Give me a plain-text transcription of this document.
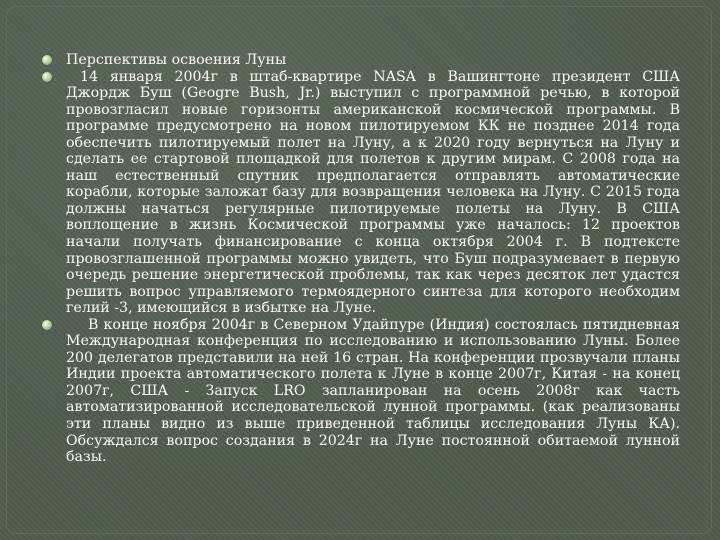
Перспективы освоения Луны
14 января 2004г в штаб-квартире NASA в Вашингтоне президент США Джордж Буш (Geogre Bush, Jr.) выступил с программной речью, в которой провозгласил новые горизонты американской космической программы. В программе предусмотрено на новом пилотируемом КК не позднее 2014 года обеспечить пилотируемый полет на Луну, а к 2020 году вернуться на Луну и сделать ее стартовой площадкой для полетов к другим мирам. С 2008 года на наш естественный спутник предполагается отправлять автоматические корабли, которые заложат базу для возвращения человека на Луну. С 2015 года должны начаться регулярные пилотируемые полеты на Луну. В США воплощение в жизнь Космической программы уже началось: 12 проектов начали получать финансирование с конца октября 2004 г. В подтексте провозглашенной программы можно увидеть, что Буш подразумевает в первую очередь решение энергетической проблемы, так как через десяток лет удастся решить вопрос управляемого термоядерного синтеза для которого необходим гелий -3, имеющийся в избытке на Луне.
В конце ноября 2004г в Северном Удайпуре (Индия) состоялась пятидневная Международная конференция по исследованию и использованию Луны. Более 200 делегатов представили на ней 16 стран. На конференции прозвучали планы Индии проекта автоматического полета к Луне в конце 2007г, Китая - на конец 2007г, США - Запуск LRO запланирован на осень 2008г как часть автоматизированной исследовательской лунной программы. (как реализованы эти планы видно из выше приведенной таблицы исследования Луны КА). Обсуждался вопрос создания в 2024г на Луне постоянной обитаемой лунной базы.
